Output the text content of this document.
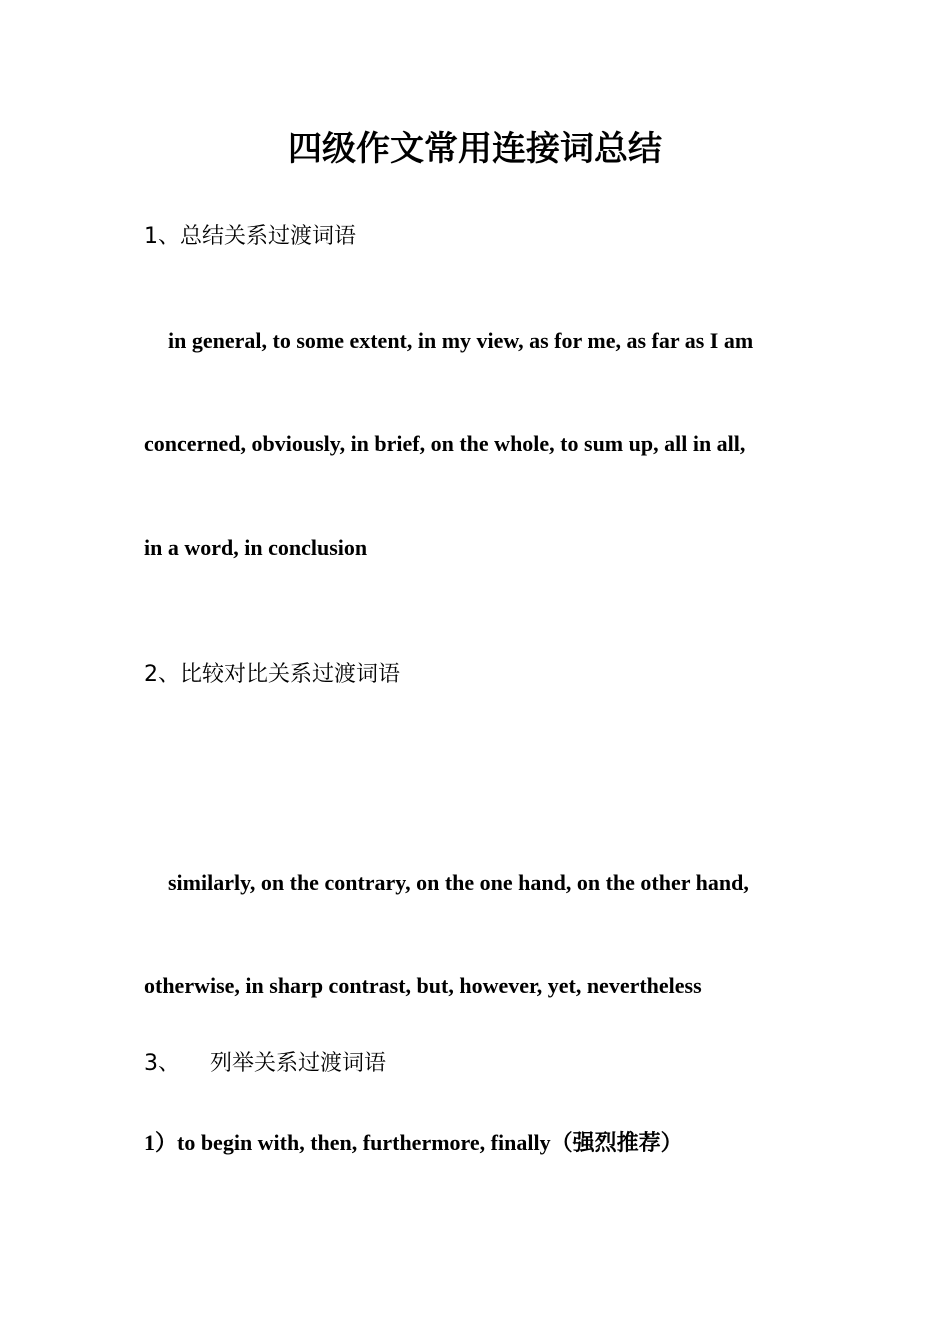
四级作文常用连接词总结
1、总结关系过渡词语
in general, to some extent, in my view, as for me, as far as I am
concerned, obviously, in brief, on the whole, to sum up, all in all,
in a word, in conclusion
2、比较对比关系过渡词语
similarly, on the contrary, on the one hand, on the other hand,
otherwise, in sharp contrast, but, however, yet, nevertheless
3、 列举关系过渡词语
1）to begin with, then, furthermore, finally（强烈推荐）
